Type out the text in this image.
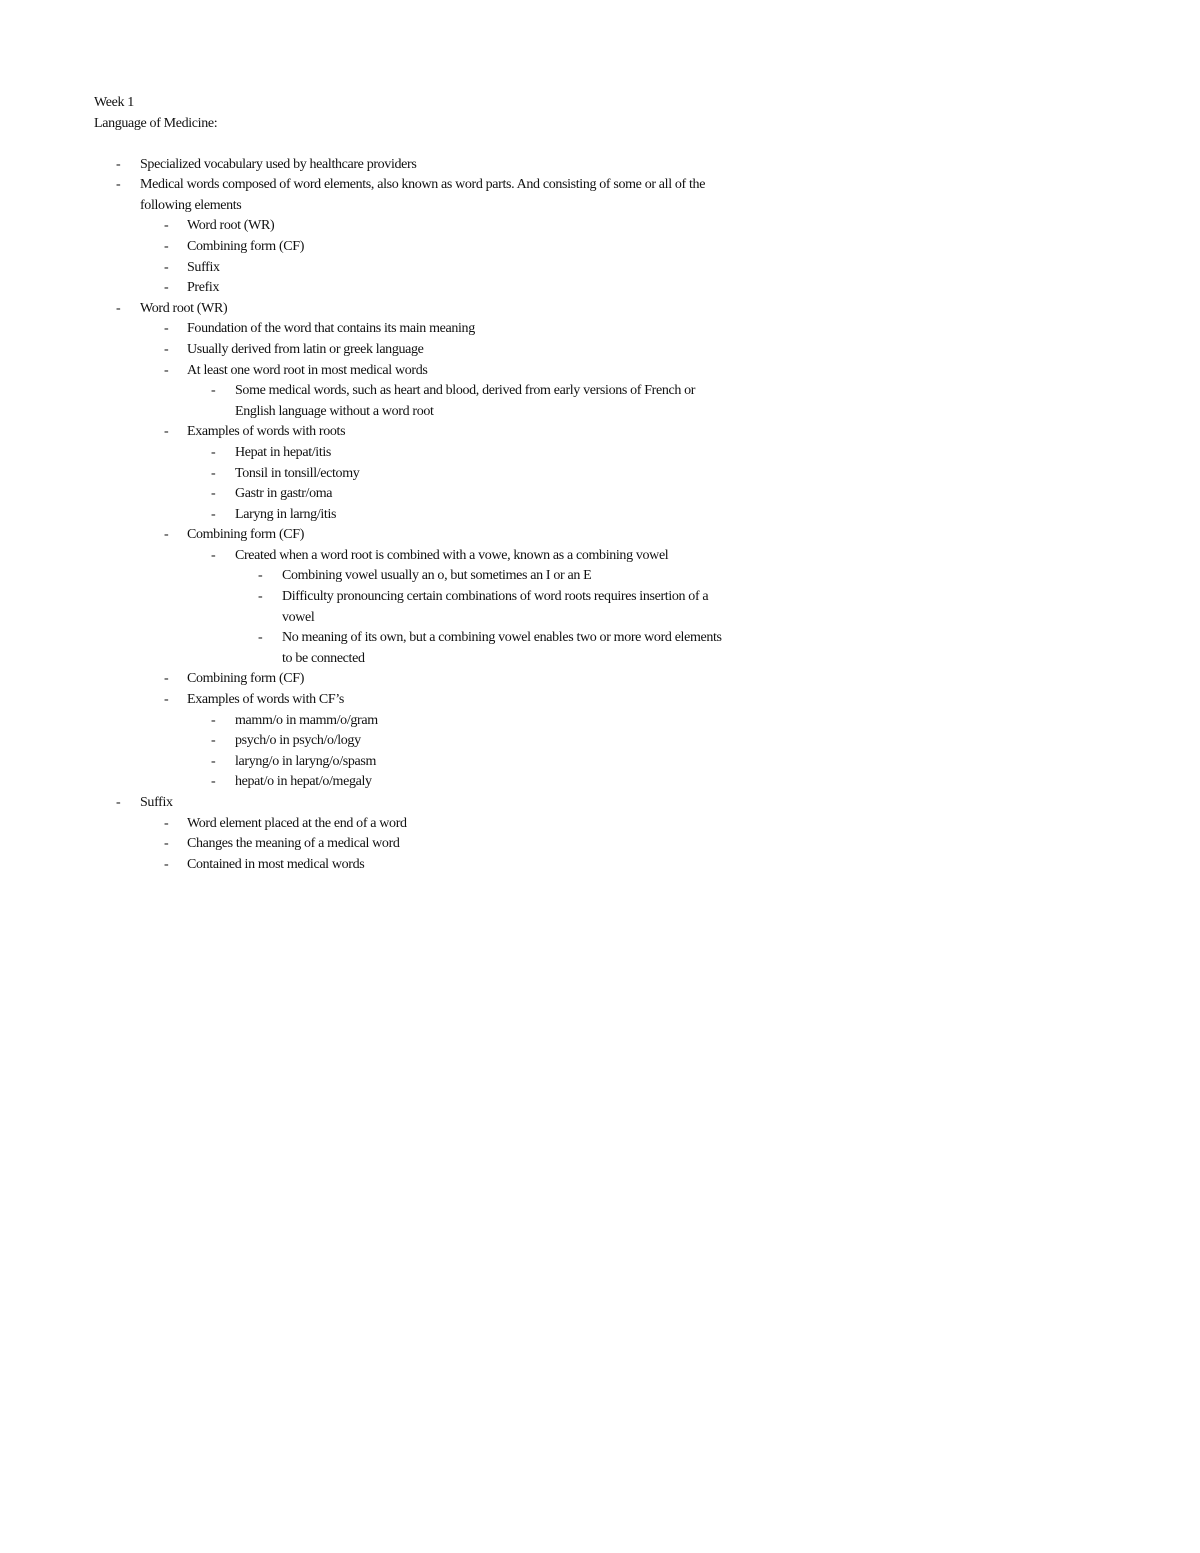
Week 1

Language of Medicine:

- Specialized vocabulary used by healthcare providers
- Medical words composed of word elements, also known as word parts. And consisting of some or all of the following elements
- Word root (WR)
- Combining form (CF)
- Suffix
- Prefix
- Word root (WR)
- Foundation of the word that contains its main meaning
- Usually derived from latin or greek language
- At least one word root in most medical words
- Some medical words, such as heart and blood, derived from early versions of French or English language without a word root
- Examples of words with roots
- Hepat in hepat/itis
- Tonsil in tonsill/ectomy
- Gastr in gastr/oma
- Laryng in larng/itis
- Combining form (CF)
- Created when a word root is combined with a vowe, known as a combining vowel
- Combining vowel usually an o, but sometimes an I or an E
- Difficulty pronouncing certain combinations of word roots requires insertion of a vowel
- No meaning of its own, but a combining vowel enables two or more word elements to be connected
- Combining form (CF)
- Examples of words with CF’s
- mamm/o in mamm/o/gram
- psych/o in psych/o/logy
- laryng/o in laryng/o/spasm
- hepat/o in hepat/o/megaly
- Suffix
- Word element placed at the end of a word
- Changes the meaning of a medical word
- Contained in most medical words
